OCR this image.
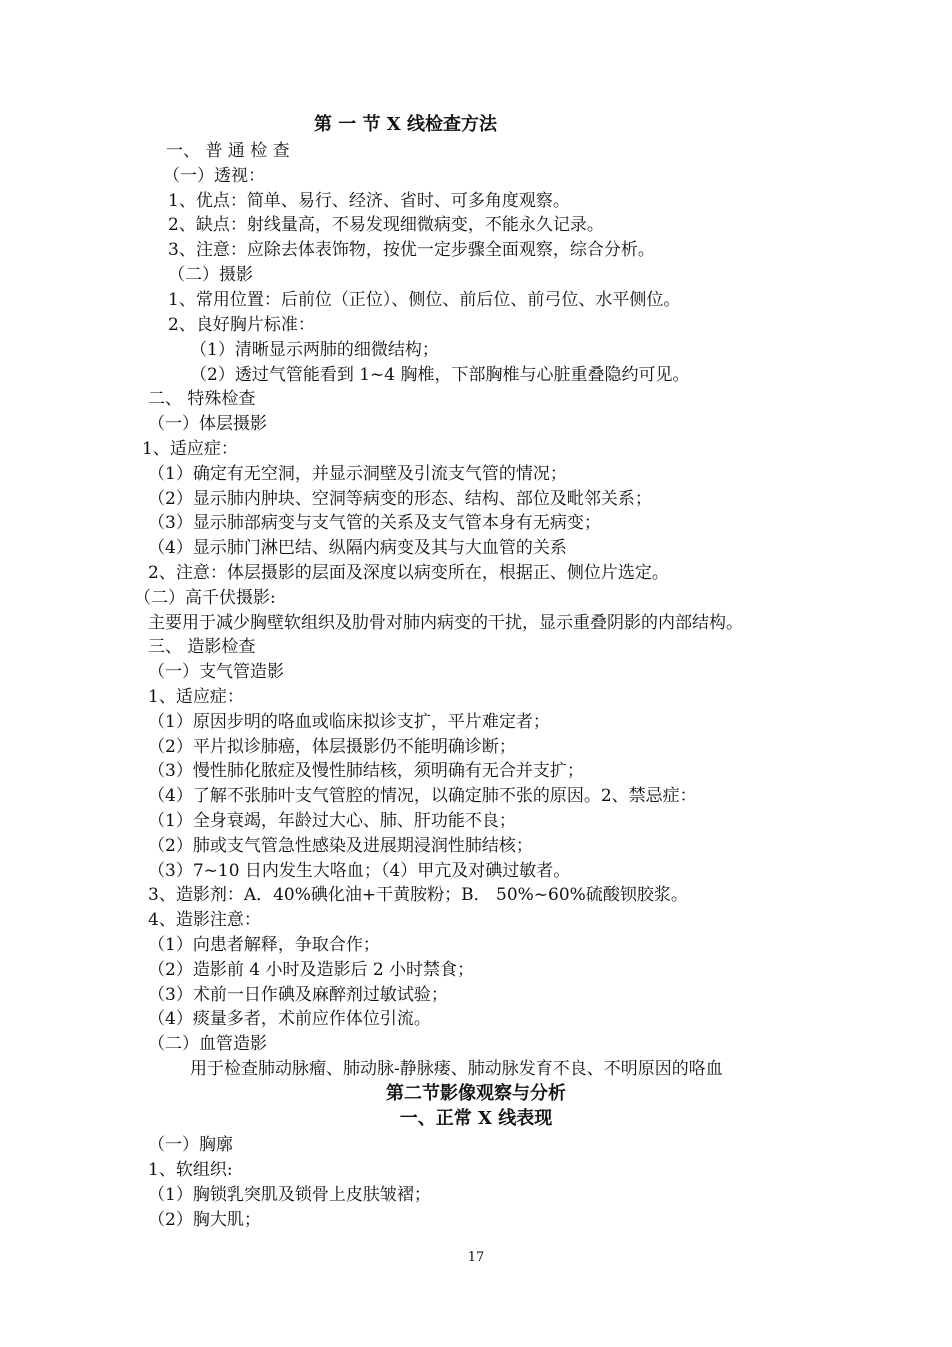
第 一 节 X 线检查方法
一、 普 通 检 查
（一）透视：
1、优点：简单、易行、经济、省时、可多角度观察。
2、缺点：射线量高，不易发现细微病变，不能永久记录。
3、注意：应除去体表饰物，按优一定步骤全面观察，综合分析。
（二）摄影
1、常用位置：后前位（正位）、侧位、前后位、前弓位、水平侧位。
2、良好胸片标准：
（1）清晰显示两肺的细微结构；
（2）透过气管能看到 1~4 胸椎，下部胸椎与心脏重叠隐约可见。
二、 特殊检查
（一）体层摄影
1、适应症：
（1）确定有无空洞，并显示洞壁及引流支气管的情况；
（2）显示肺内肿块、空洞等病变的形态、结构、部位及毗邻关系；
（3）显示肺部病变与支气管的关系及支气管本身有无病变；
（4）显示肺门淋巴结、纵隔内病变及其与大血管的关系
2、注意：体层摄影的层面及深度以病变所在，根据正、侧位片选定。
（二）高千伏摄影:
主要用于减少胸壁软组织及肋骨对肺内病变的干扰，显示重叠阴影的内部结构。
三、 造影检查
（一）支气管造影
1、适应症：
（1）原因步明的咯血或临床拟诊支扩，平片难定者；
（2）平片拟诊肺癌，体层摄影仍不能明确诊断；
（3）慢性肺化脓症及慢性肺结核，须明确有无合并支扩；
（4）了解不张肺叶支气管腔的情况，以确定肺不张的原因。2、禁忌症：
（1）全身衰竭，年龄过大心、肺、肝功能不良；
（2）肺或支气管急性感染及进展期浸润性肺结核；
（3）7~10 日内发生大咯血；（4）甲亢及对碘过敏者。
3、造影剂：A．40%碘化油+干黄胺粉；B． 50%~60%硫酸钡胶浆。
4、造影注意：
（1）向患者解释，争取合作；
（2）造影前 4 小时及造影后 2 小时禁食；
（3）术前一日作碘及麻醉剂过敏试验；
（4）痰量多者，术前应作体位引流。
（二）血管造影
用于检查肺动脉瘤、肺动脉-静脉瘘、肺动脉发育不良、不明原因的咯血
第二节影像观察与分析
一、正常 X 线表现
（一）胸廓
1、软组织:
（1）胸锁乳突肌及锁骨上皮肤皱褶；
（2）胸大肌；
17
